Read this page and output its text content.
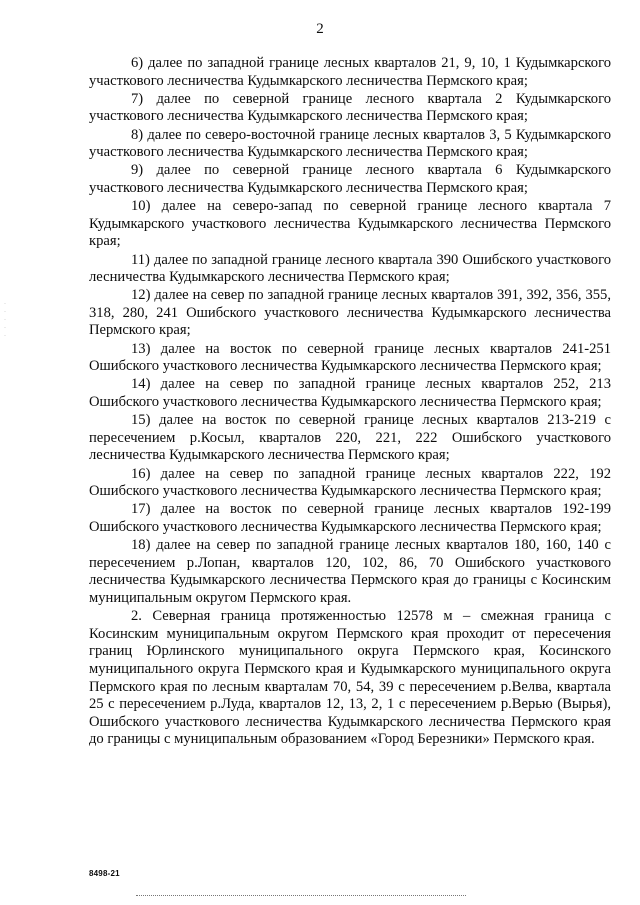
2
·
·
·
·
·

6) далее по западной границе лесных кварталов 21, 9, 10, 1 Кудымкарского участкового лесничества Кудымкарского лесничества Пермского края;

7) далее по северной границе лесного квартала 2 Кудымкарского участкового лесничества Кудымкарского лесничества Пермского края;

8) далее по северо-восточной границе лесных кварталов 3, 5 Кудымкарского участкового лесничества Кудымкарского лесничества Пермского края;

9) далее по северной границе лесного квартала 6 Кудымкарского участкового лесничества Кудымкарского лесничества Пермского края;

10) далее на северо-запад по северной границе лесного квартала 7 Кудымкарского участкового лесничества Кудымкарского лесничества Пермского края;

11) далее по западной границе лесного квартала 390 Ошибского участкового лесничества Кудымкарского лесничества Пермского края;

12) далее на север по западной границе лесных кварталов 391, 392, 356, 355, 318, 280, 241 Ошибского участкового лесничества Кудымкарского лесничества Пермского края;

13) далее на восток по северной границе лесных кварталов 241-251 Ошибского участкового лесничества Кудымкарского лесничества Пермского края;

14) далее на север по западной границе лесных кварталов 252, 213 Ошибского участкового лесничества Кудымкарского лесничества Пермского края;

15) далее на восток по северной границе лесных кварталов 213-219 с пересечением р.Косыл, кварталов 220, 221, 222 Ошибского участкового лесничества Кудымкарского лесничества Пермского края;

16) далее на север по западной границе лесных кварталов 222, 192 Ошибского участкового лесничества Кудымкарского лесничества Пермского края;

17) далее на восток по северной границе лесных кварталов 192-199 Ошибского участкового лесничества Кудымкарского лесничества Пермского края;

18) далее на север по западной границе лесных кварталов 180, 160, 140 с пересечением р.Лопан, кварталов 120, 102, 86, 70 Ошибского участкового лесничества Кудымкарского лесничества Пермского края до границы с Косинским муниципальным округом Пермского края.

2. Северная граница протяженностью 12578 м – смежная граница с Косинским муниципальным округом Пермского края проходит от пересечения границ Юрлинского муниципального округа Пермского края, Косинского муниципального округа Пермского края и Кудымкарского муниципального округа Пермского края по лесным кварталам 70, 54, 39 с пересечением р.Велва, квартала 25 с пересечением р.Луда, кварталов 12, 13, 2, 1 с пересечением р.Верью (Вырья), Ошибского участкового лесничества Кудымкарского лесничества Пермского края до границы с муниципальным образованием «Город Березники» Пермского края.

8498-21
